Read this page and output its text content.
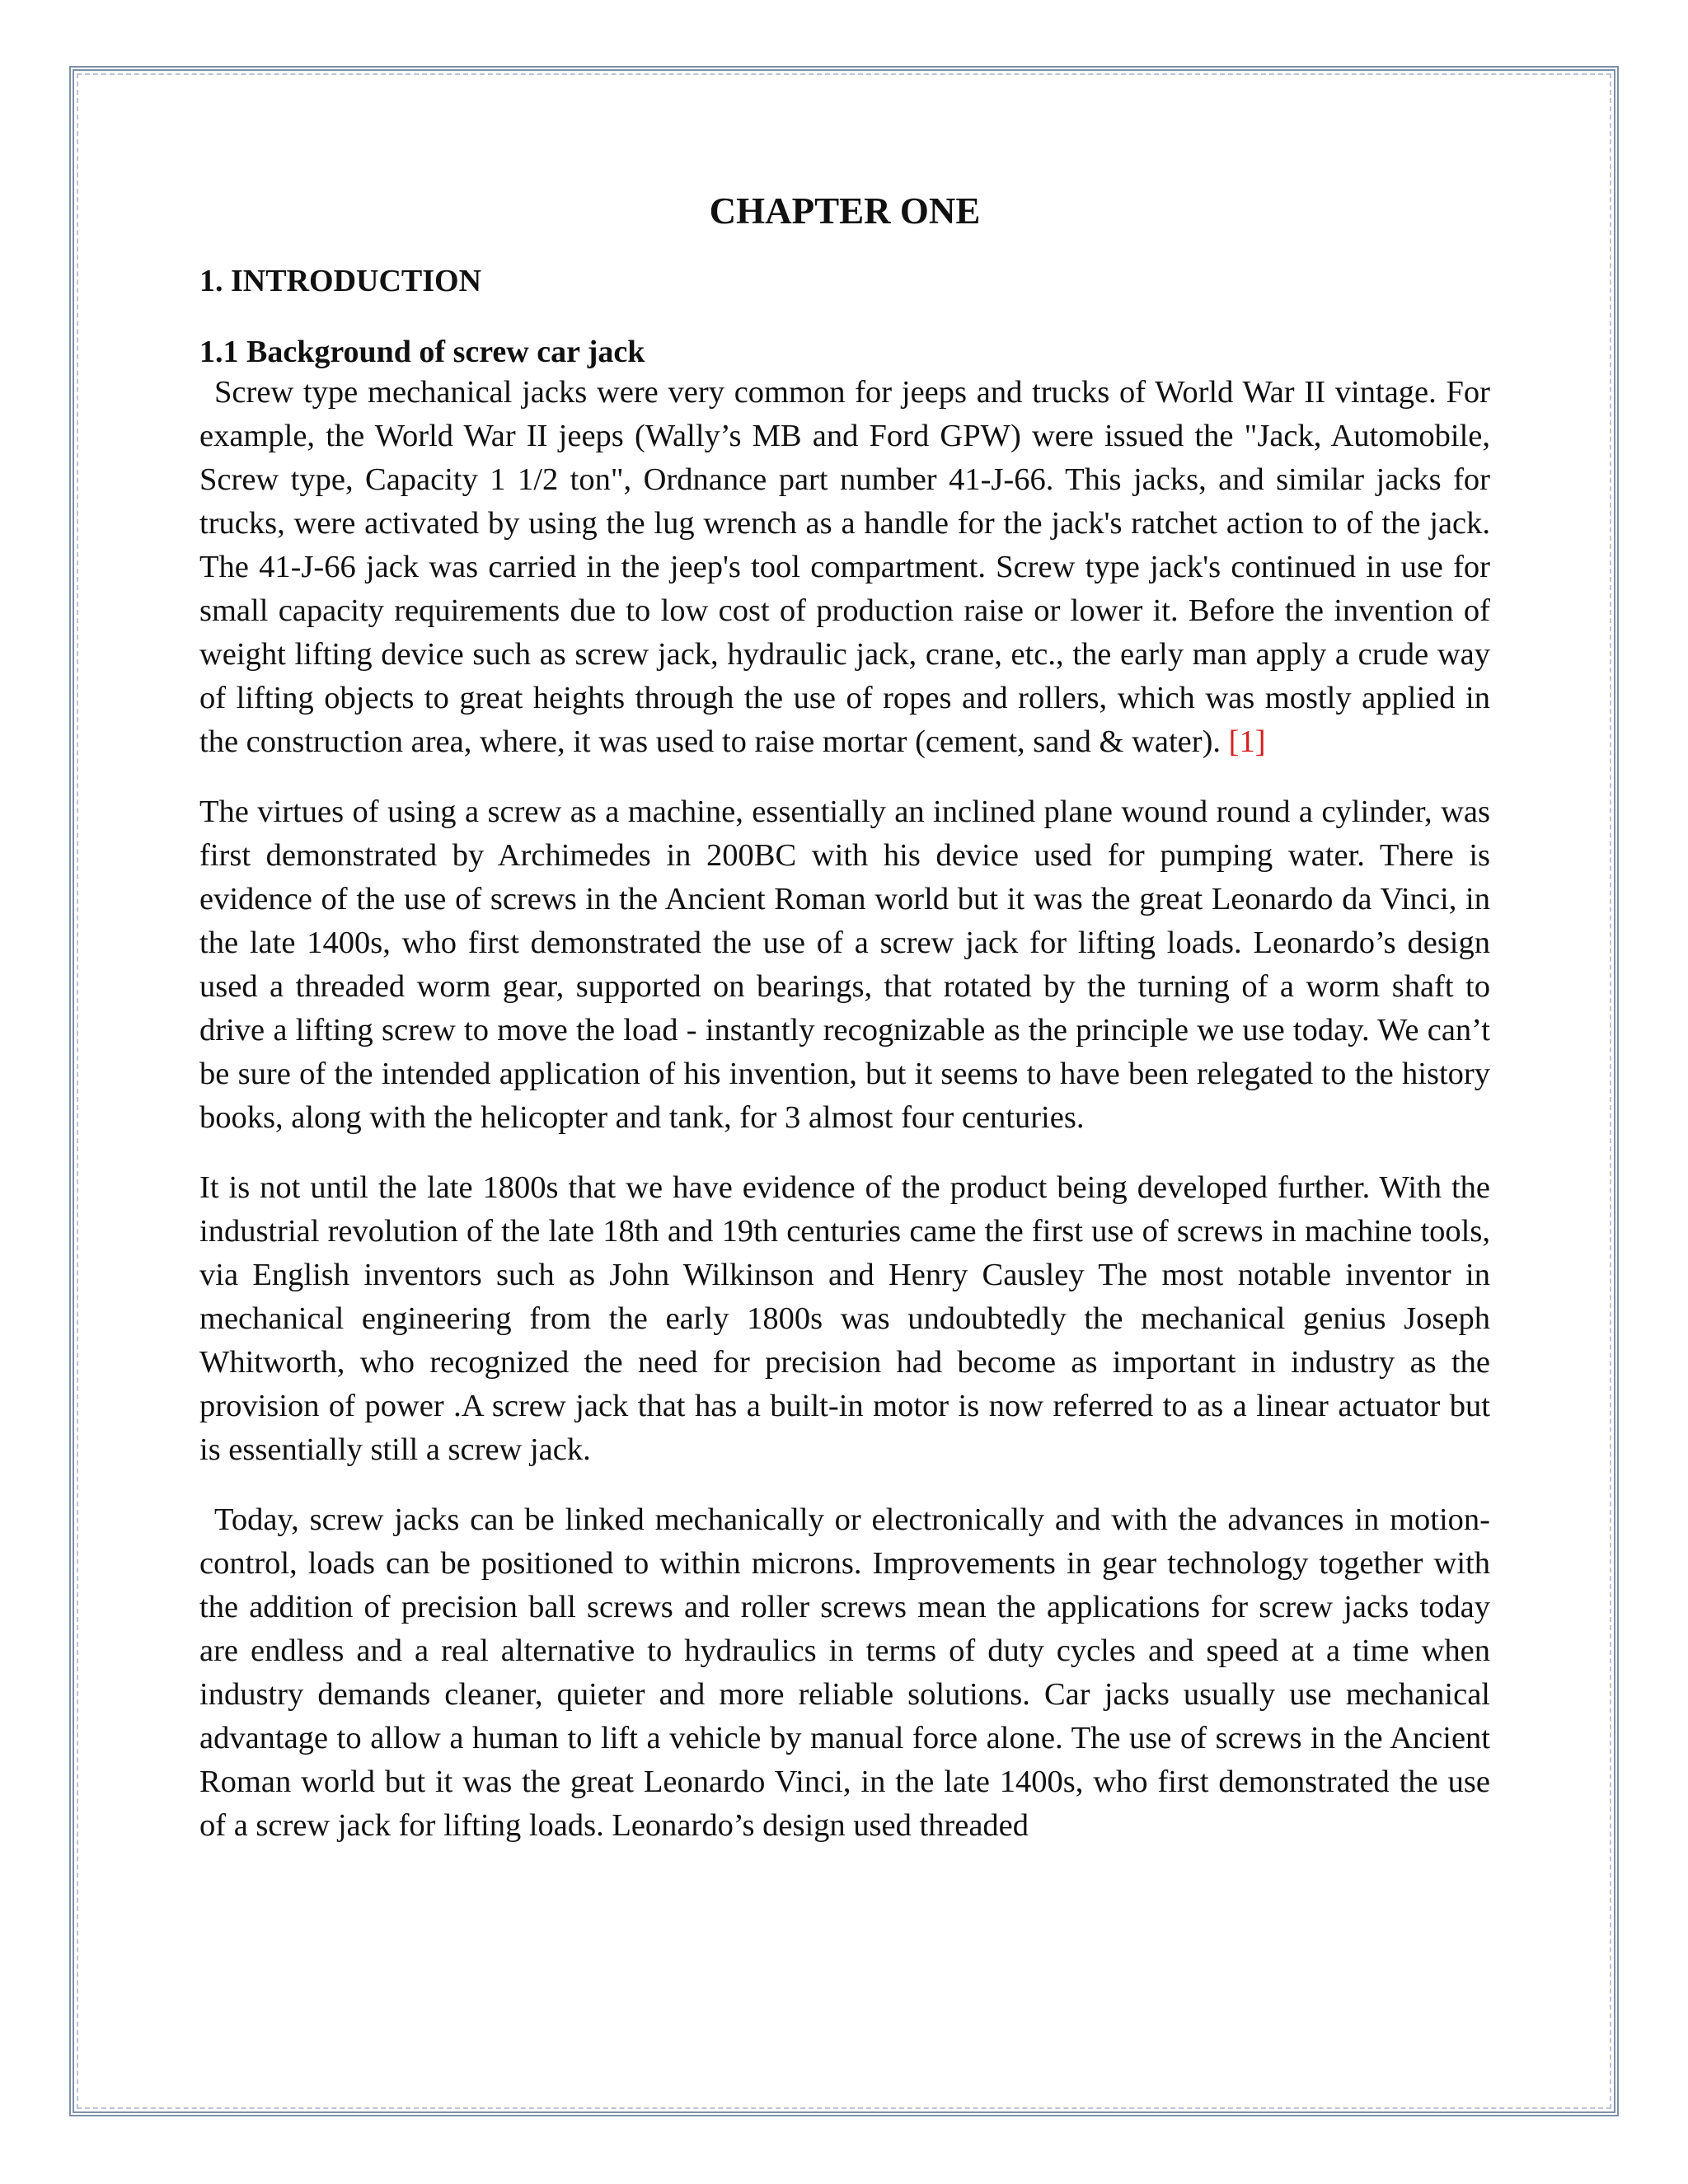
CHAPTER ONE
1. INTRODUCTION
1.1 Background of screw car jack

Screw type mechanical jacks were very common for jeeps and trucks of World War II vintage. For example, the World War II jeeps (Wally’s MB and Ford GPW) were issued the "Jack, Automobile, Screw type, Capacity 1 1/2 ton", Ordnance part number 41-J-66. This jacks, and similar jacks for trucks, were activated by using the lug wrench as a handle for the jack's ratchet action to of the jack. The 41-J-66 jack was carried in the jeep's tool compartment. Screw type jack's continued in use for small capacity requirements due to low cost of production raise or lower it. Before the invention of weight lifting device such as screw jack, hydraulic jack, crane, etc., the early man apply a crude way of lifting objects to great heights through the use of ropes and rollers, which was mostly applied in the construction area, where, it was used to raise mortar (cement, sand & water). [1]

The virtues of using a screw as a machine, essentially an inclined plane wound round a cylinder, was first demonstrated by Archimedes in 200BC with his device used for pumping water. There is evidence of the use of screws in the Ancient Roman world but it was the great Leonardo da Vinci, in the late 1400s, who first demonstrated the use of a screw jack for lifting loads. Leonardo’s design used a threaded worm gear, supported on bearings, that rotated by the turning of a worm shaft to drive a lifting screw to move the load - instantly recognizable as the principle we use today. We can’t be sure of the intended application of his invention, but it seems to have been relegated to the history books, along with the helicopter and tank, for 3 almost four centuries.

It is not until the late 1800s that we have evidence of the product being developed further. With the industrial revolution of the late 18th and 19th centuries came the first use of screws in machine tools, via English inventors such as John Wilkinson and Henry Causley The most notable inventor in mechanical engineering from the early 1800s was undoubtedly the mechanical genius Joseph Whitworth, who recognized the need for precision had become as important in industry as the provision of power .A screw jack that has a built-in motor is now referred to as a linear actuator but is essentially still a screw jack.

Today, screw jacks can be linked mechanically or electronically and with the advances in motion-control, loads can be positioned to within microns. Improvements in gear technology together with the addition of precision ball screws and roller screws mean the applications for screw jacks today are endless and a real alternative to hydraulics in terms of duty cycles and speed at a time when industry demands cleaner, quieter and more reliable solutions. Car jacks usually use mechanical advantage to allow a human to lift a vehicle by manual force alone. The use of screws in the Ancient Roman world but it was the great Leonardo Vinci, in the late 1400s, who first demonstrated the use of a screw jack for lifting loads. Leonardo’s design used threaded
